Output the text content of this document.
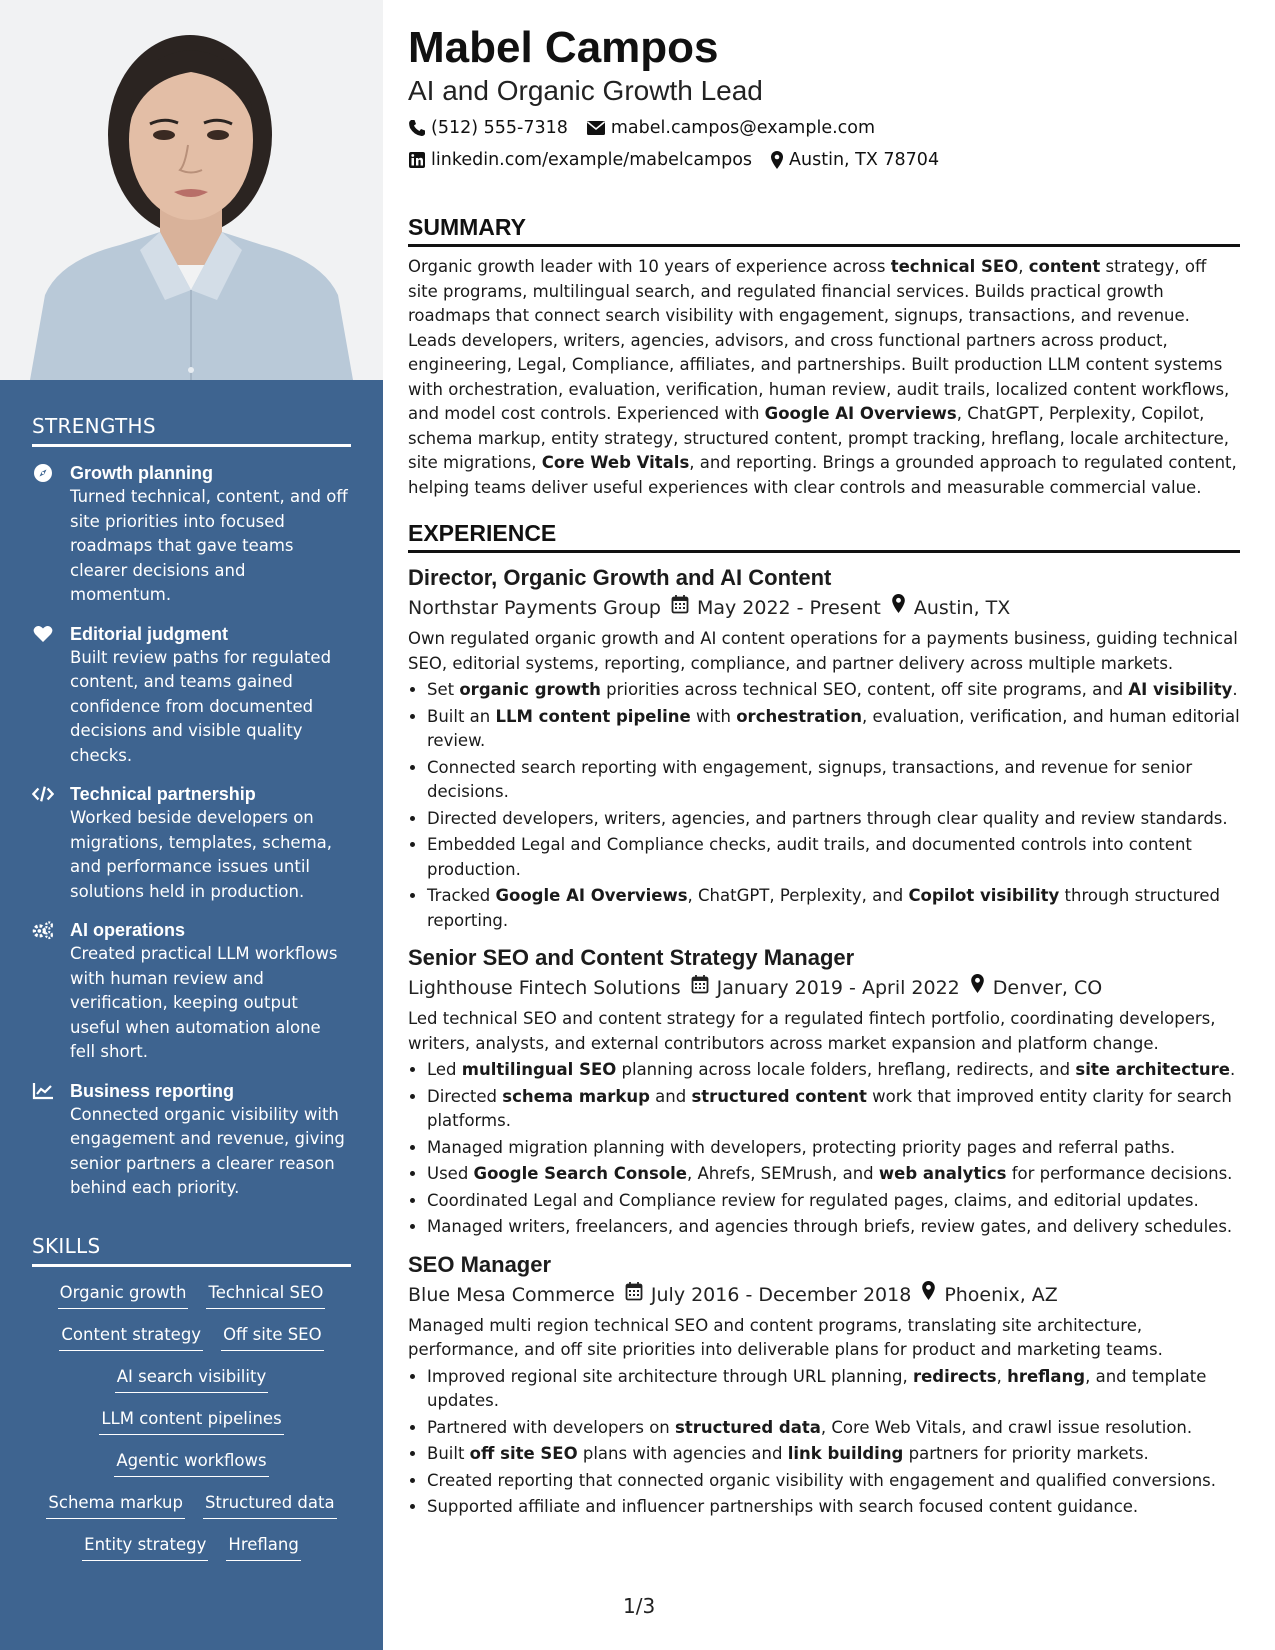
STRENGTHS
Growth planning
Turned technical, content, and off site priorities into focused roadmaps that gave teams clearer decisions and momentum.
Editorial judgment
Built review paths for regulated content, and teams gained confidence from documented decisions and visible quality checks.
Technical partnership
Worked beside developers on migrations, templates, schema, and performance issues until solutions held in production.
AI operations
Created practical LLM workflows with human review and verification, keeping output useful when automation alone fell short.
Business reporting
Connected organic visibility with engagement and revenue, giving senior partners a clearer reason behind each priority.
SKILLS
Organic growth Technical SEO
Content strategy Off site SEO
AI search visibility
LLM content pipelines
Agentic workflows
Schema markup Structured data
Entity strategy Hreflang
Mabel Campos
AI and Organic Growth Lead
(512) 555-7318 mabel.campos@example.com
linkedin.com/example/mabelcampos Austin, TX 78704
SUMMARY

Organic growth leader with 10 years of experience across technical SEO, content strategy, off site programs, multilingual search, and regulated financial services. Builds practical growth roadmaps that connect search visibility with engagement, signups, transactions, and revenue. Leads developers, writers, agencies, advisors, and cross functional partners across product, engineering, Legal, Compliance, affiliates, and partnerships. Built production LLM content systems with orchestration, evaluation, verification, human review, audit trails, localized content workflows, and model cost controls. Experienced with Google AI Overviews, ChatGPT, Perplexity, Copilot, schema markup, entity strategy, structured content, prompt tracking, hreflang, locale architecture, site migrations, Core Web Vitals, and reporting. Brings a grounded approach to regulated content, helping teams deliver useful experiences with clear controls and measurable commercial value.

EXPERIENCE
Director, Organic Growth and AI Content
Northstar Payments Group May 2022 - Present Austin, TX

Own regulated organic growth and AI content operations for a payments business, guiding technical SEO, editorial systems, reporting, compliance, and partner delivery across multiple markets.

• Set organic growth priorities across technical SEO, content, off site programs, and AI visibility.
• Built an LLM content pipeline with orchestration, evaluation, verification, and human editorial review.
• Connected search reporting with engagement, signups, transactions, and revenue for senior decisions.
• Directed developers, writers, agencies, and partners through clear quality and review standards.
• Embedded Legal and Compliance checks, audit trails, and documented controls into content production.
• Tracked Google AI Overviews, ChatGPT, Perplexity, and Copilot visibility through structured reporting.
Senior SEO and Content Strategy Manager
Lighthouse Fintech Solutions January 2019 - April 2022 Denver, CO

Led technical SEO and content strategy for a regulated fintech portfolio, coordinating developers, writers, analysts, and external contributors across market expansion and platform change.

• Led multilingual SEO planning across locale folders, hreflang, redirects, and site architecture.
• Directed schema markup and structured content work that improved entity clarity for search platforms.
• Managed migration planning with developers, protecting priority pages and referral paths.
• Used Google Search Console, Ahrefs, SEMrush, and web analytics for performance decisions.
• Coordinated Legal and Compliance review for regulated pages, claims, and editorial updates.
• Managed writers, freelancers, and agencies through briefs, review gates, and delivery schedules.
SEO Manager
Blue Mesa Commerce July 2016 - December 2018 Phoenix, AZ

Managed multi region technical SEO and content programs, translating site architecture, performance, and off site priorities into deliverable plans for product and marketing teams.

• Improved regional site architecture through URL planning, redirects, hreflang, and template updates.
• Partnered with developers on structured data, Core Web Vitals, and crawl issue resolution.
• Built off site SEO plans with agencies and link building partners for priority markets.
• Created reporting that connected organic visibility with engagement and qualified conversions.
• Supported affiliate and influencer partnerships with search focused content guidance.
1/3
